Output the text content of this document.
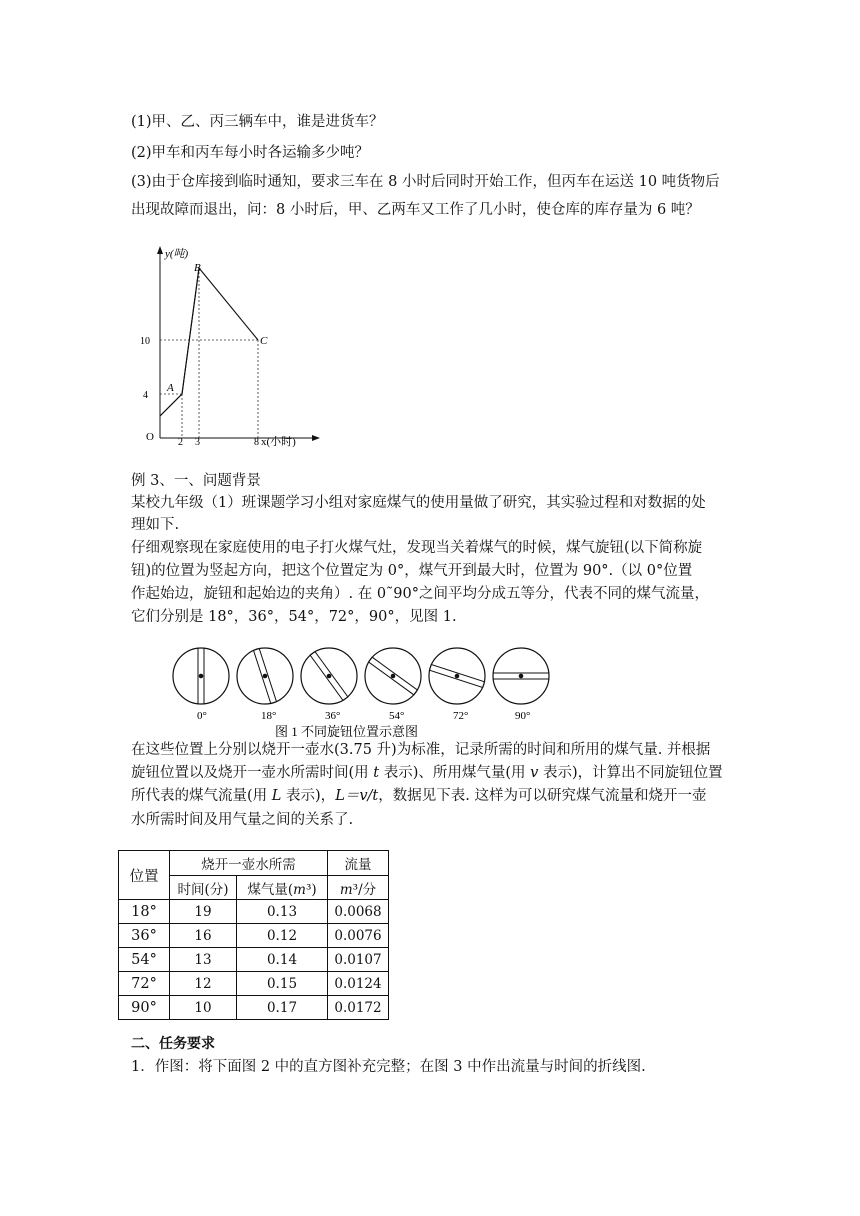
(1)甲、乙、丙三辆车中，谁是进货车？
(2)甲车和丙车每小时各运输多少吨？
(3)由于仓库接到临时通知，要求三车在 8 小时后同时开始工作，但丙车在运送 10 吨货物后
出现故障而退出，问：8 小时后，甲、乙两车又工作了几小时，使仓库的库存量为 6 吨？
y(吨)
O 2 3	8 x(小时)
4
10
A
B
C
例 3、一、问题背景
某校九年级（1）班课题学习小组对家庭煤气的使用量做了研究，其实验过程和对数据的处
理如下.
仔细观察现在家庭使用的电子打火煤气灶，发现当关着煤气的时候，煤气旋钮(以下简称旋
钮)的位置为竖起方向，把这个位置定为 0°，煤气开到最大时，位置为 90°.（以 0°位置
作起始边，旋钮和起始边的夹角）. 在 0˜90°之间平均分成五等分，代表不同的煤气流量，
它们分别是 18°，36°，54°，72°，90°，见图 1.
0°	18°	36°	54°	72°	90°
图 1 不同旋钮位置示意图
在这些位置上分别以烧开一壶水(3.75 升)为标准，记录所需的时间和所用的煤气量. 并根据
旋钮位置以及烧开一壶水所需时间(用 t 表示)、所用煤气量(用 v 表示)，计算出不同旋钮位置
所代表的煤气流量(用 L 表示)，L＝v/t，数据见下表. 这样为可以研究煤气流量和烧开一壶
水所需时间及用气量之间的关系了.
位置	烧开一壶水所需		流量
	时间(分)	煤气量(m³)	m³/分
18°	19	0.13	0.0068
36°	16	0.12	0.0076
54°	13	0.14	0.0107
72°	12	0.15	0.0124
90°	10	0.17	0.0172
二、任务要求
1．作图：将下面图 2 中的直方图补充完整；在图 3 中作出流量与时间的折线图.
